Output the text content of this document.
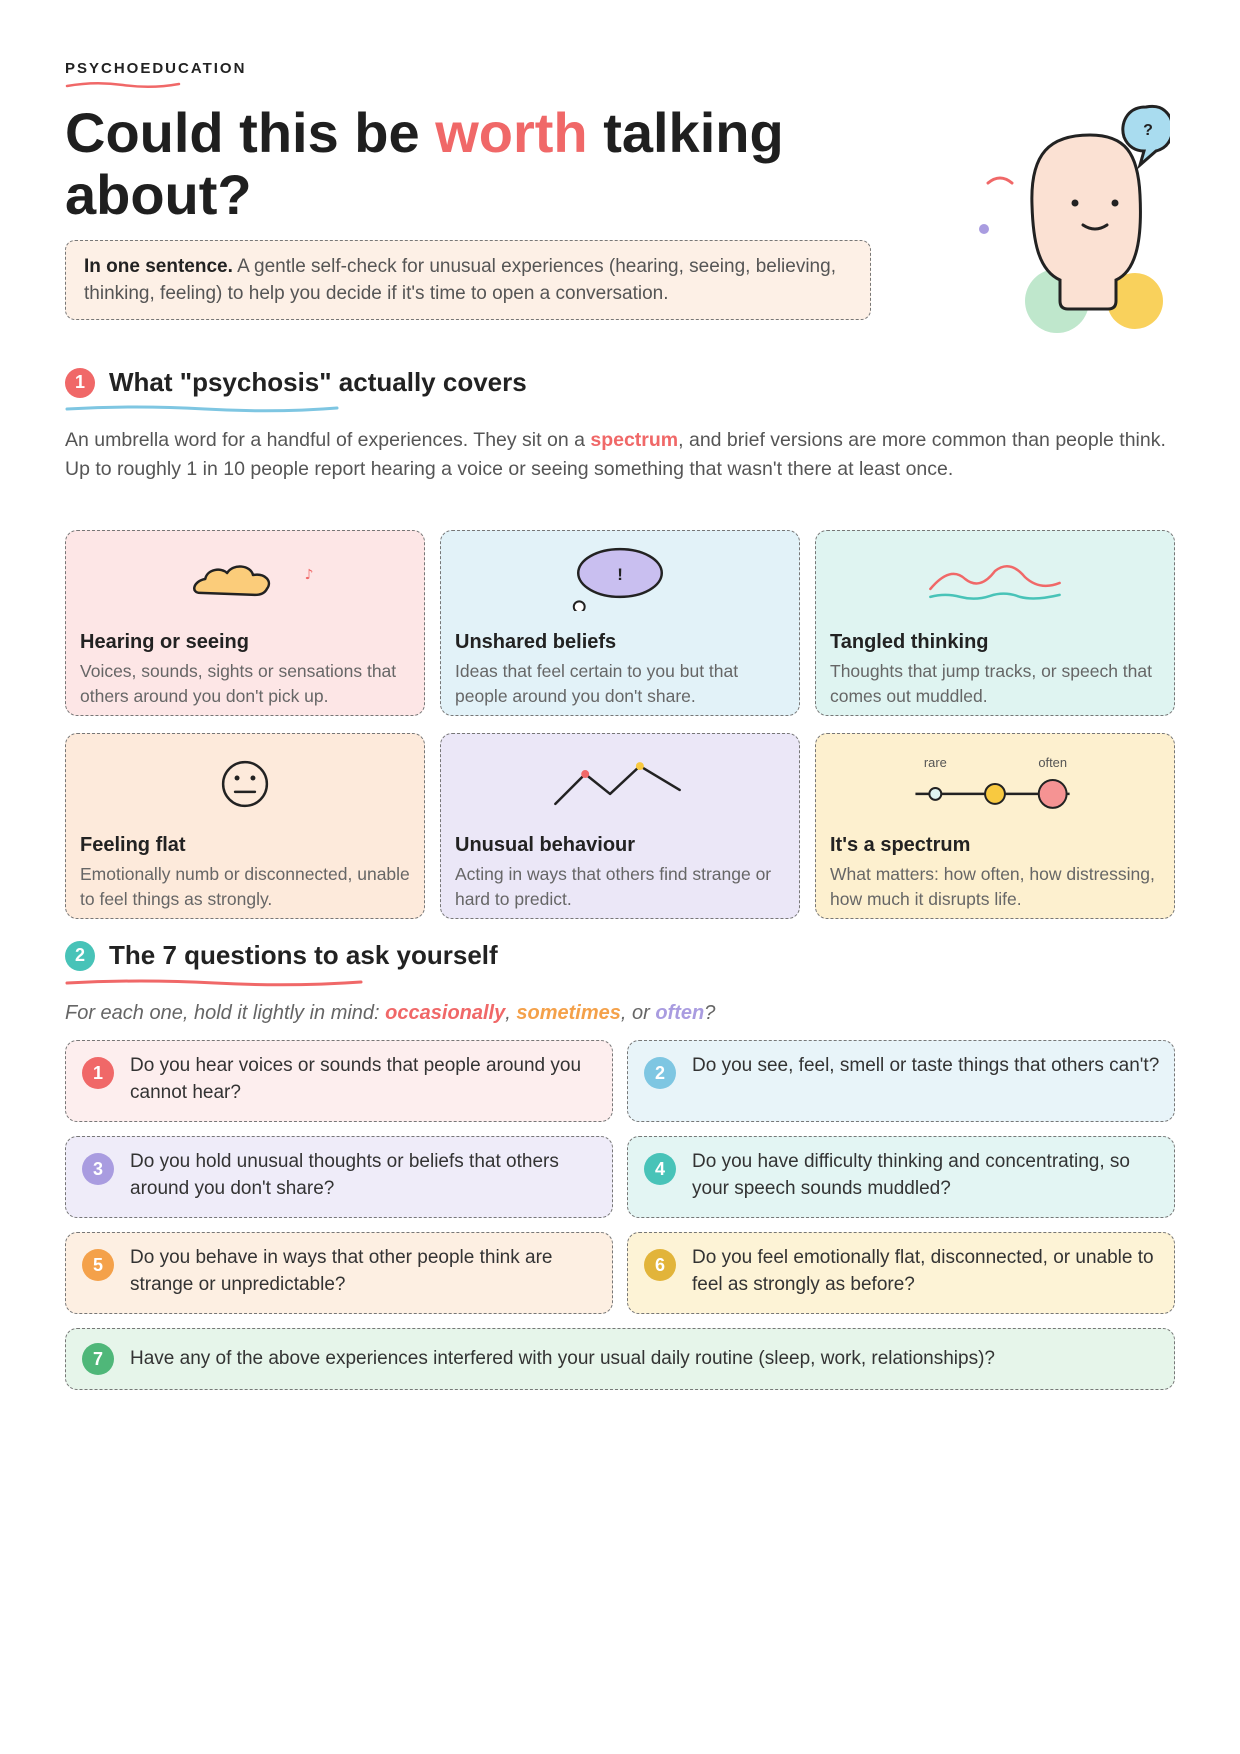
PSYCHOEDUCATION
Could this be worth talking about?
In one sentence. A gentle self-check for unusual experiences (hearing, seeing, believing, thinking, feeling) to help you decide if it's time to open a conversation.
?
1 What "psychosis" actually covers
An umbrella word for a handful of experiences. They sit on a spectrum, and brief versions are more common than people think. Up to roughly 1 in 10 people report hearing a voice or seeing something that wasn't there at least once.
♪
Hearing or seeing
Voices, sounds, sights or sensations that others around you don't pick up.
!
Unshared beliefs
Ideas that feel certain to you but that people around you don't share.
Tangled thinking
Thoughts that jump tracks, or speech that comes out muddled.
Feeling flat
Emotionally numb or disconnected, unable to feel things as strongly.
Unusual behaviour
Acting in ways that others find strange or hard to predict.
rare	often
It's a spectrum
What matters: how often, how distressing, how much it disrupts life.
2 The 7 questions to ask yourself
For each one, hold it lightly in mind: occasionally, sometimes, or often?
1	Do you hear voices or sounds that people around you cannot hear?
2	Do you see, feel, smell or taste things that others can't?
3	Do you hold unusual thoughts or beliefs that others around you don't share?
4	Do you have difficulty thinking and concentrating, so your speech sounds muddled?
5	Do you behave in ways that other people think are strange or unpredictable?
6	Do you feel emotionally flat, disconnected, or unable to feel as strongly as before?
7	Have any of the above experiences interfered with your usual daily routine (sleep, work, relationships)?
